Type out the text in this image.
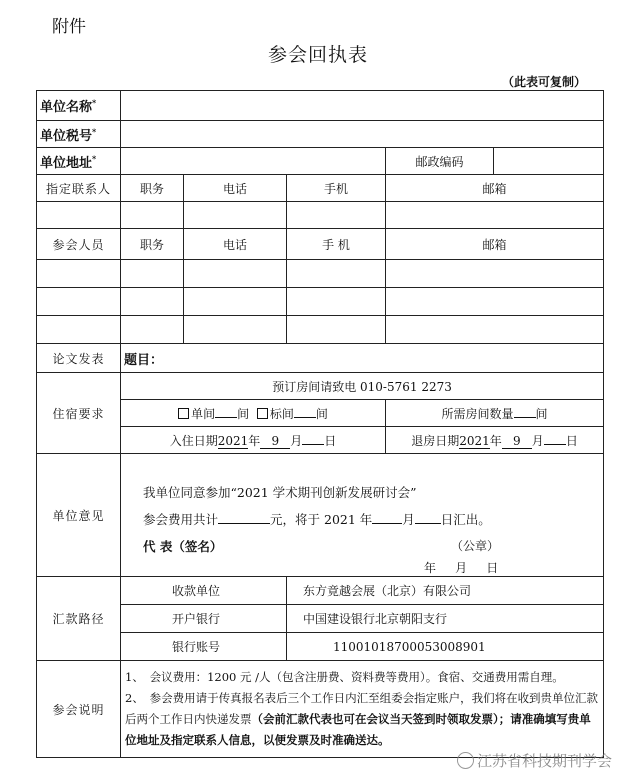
附件
参会回执表
（此表可复制）
单位名称*	
单位税号*	
单位地址*				邮政编码	
指定联系人	职务	电话	手机	邮箱	

参会人员	职务	电话	手 机	邮箱	

论文发表	题目：				
住宿要求	预订房间请致电 010-5761 2273				
	单间 间 标间 间			所需房间数量 间	
	入住日期2021年 9 月 日			退房日期2021年 9 月 日	
单位意见	我单位同意参加“2021 学术期刊创新发展研讨会”
参会费用共计 元，将于 2021 年 月 日汇出。
代 表（签名） （公章）
年 月 日				

汇款路径	收款单位		东方竟越会展（北京）有限公司		
	开户银行		中国建设银行北京朝阳支行		
	银行账号		11001018700053008901		
参会说明	1、　会议费用：1200 元 /人（包含注册费、资料费等费用）。食宿、交通费用需自理。
2、　参会费用请于传真报名表后三个工作日内汇至组委会指定账户，我们将在收到贵单位汇款后两个工作日内快递发票（会前汇款代表也可在会议当天签到时领取发票）；请准确填写贵单位地址及指定联系人信息，以便发票及时准确送达。				
江苏省科技期刊学会
